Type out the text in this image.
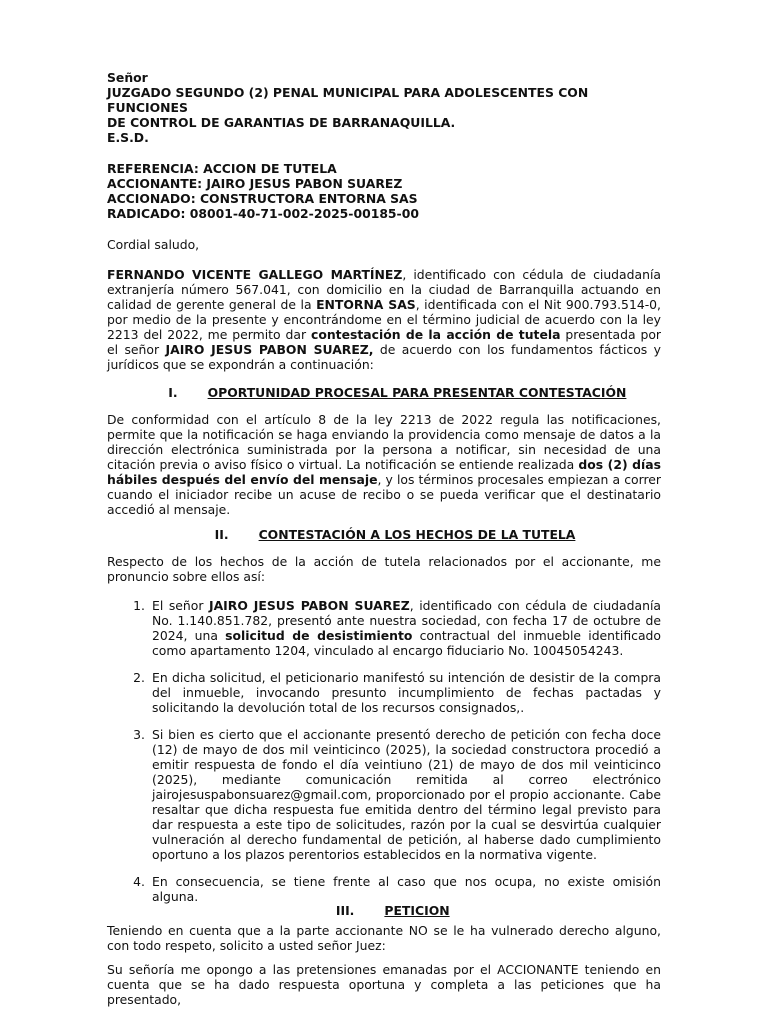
Señor
JUZGADO SEGUNDO (2) PENAL MUNICIPAL PARA ADOLESCENTES CON FUNCIONES
DE CONTROL DE GARANTIAS DE BARRANAQUILLA.
E.S.D.
REFERENCIA: ACCION DE TUTELA
ACCIONANTE: JAIRO JESUS PABON SUAREZ
ACCIONADO: CONSTRUCTORA ENTORNA SAS
RADICADO: 08001-40-71-002-2025-00185-00

Cordial saludo,

FERNANDO VICENTE GALLEGO MARTÍNEZ, identificado con cédula de ciudadanía extranjería número 567.041, con domicilio en la ciudad de Barranquilla actuando en calidad de gerente general de la ENTORNA SAS, identificada con el Nit 900.793.514-0, por medio de la presente y encontrándome en el término judicial de acuerdo con la ley 2213 del 2022, me permito dar contestación de la acción de tutela presentada por el señor JAIRO JESUS PABON SUAREZ, de acuerdo con los fundamentos fácticos y jurídicos que se expondrán a continuación:

I. OPORTUNIDAD PROCESAL PARA PRESENTAR CONTESTACIÓN

De conformidad con el artículo 8 de la ley 2213 de 2022 regula las notificaciones, permite que la notificación se haga enviando la providencia como mensaje de datos a la dirección electrónica suministrada por la persona a notificar, sin necesidad de una citación previa o aviso físico o virtual. La notificación se entiende realizada dos (2) días hábiles después del envío del mensaje, y los términos procesales empiezan a correr cuando el iniciador recibe un acuse de recibo o se pueda verificar que el destinatario accedió al mensaje.

II. CONTESTACIÓN A LOS HECHOS DE LA TUTELA

Respecto de los hechos de la acción de tutela relacionados por el accionante, me pronuncio sobre ellos así:

1. El señor JAIRO JESUS PABON SUAREZ, identificado con cédula de ciudadanía No. 1.140.851.782, presentó ante nuestra sociedad, con fecha 17 de octubre de 2024, una solicitud de desistimiento contractual del inmueble identificado como apartamento 1204, vinculado al encargo fiduciario No. 10045054243.
2. En dicha solicitud, el peticionario manifestó su intención de desistir de la compra del inmueble, invocando presunto incumplimiento de fechas pactadas y solicitando la devolución total de los recursos consignados,.
3. Si bien es cierto que el accionante presentó derecho de petición con fecha doce (12) de mayo de dos mil veinticinco (2025), la sociedad constructora procedió a emitir respuesta de fondo el día veintiuno (21) de mayo de dos mil veinticinco (2025), mediante comunicación remitida al correo electrónico jairojesuspabonsuarez@gmail.com, proporcionado por el propio accionante. Cabe resaltar que dicha respuesta fue emitida dentro del término legal previsto para dar respuesta a este tipo de solicitudes, razón por la cual se desvirtúa cualquier vulneración al derecho fundamental de petición, al haberse dado cumplimiento oportuno a los plazos perentorios establecidos en la normativa vigente.
4. En consecuencia, se tiene frente al caso que nos ocupa, no existe omisión alguna.
III. PETICION

Teniendo en cuenta que a la parte accionante NO se le ha vulnerado derecho alguno, con todo respeto, solicito a usted señor Juez:

Su señoría me opongo a las pretensiones emanadas por el ACCIONANTE teniendo en cuenta que se ha dado respuesta oportuna y completa a las peticiones que ha presentado,
